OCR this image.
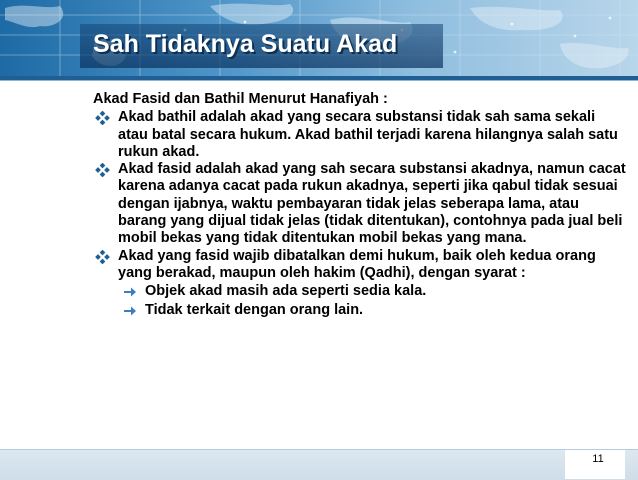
Sah Tidaknya Suatu Akad
Akad Fasid dan Bathil Menurut Hanafiyah :
Akad bathil adalah akad yang secara substansi tidak sah sama sekali atau batal secara hukum. Akad bathil terjadi karena hilangnya salah satu rukun akad.
Akad fasid adalah akad yang sah secara substansi akadnya, namun cacat karena adanya cacat pada rukun akadnya, seperti jika qabul tidak sesuai dengan ijabnya, waktu pembayaran tidak jelas seberapa lama, atau barang yang dijual tidak jelas (tidak ditentukan), contohnya pada jual beli mobil bekas yang tidak ditentukan mobil bekas yang mana.
Akad yang fasid wajib dibatalkan demi hukum, baik oleh kedua orang yang berakad, maupun oleh hakim (Qadhi), dengan syarat :
Objek akad masih ada seperti sedia kala.
Tidak terkait dengan orang lain.
11
